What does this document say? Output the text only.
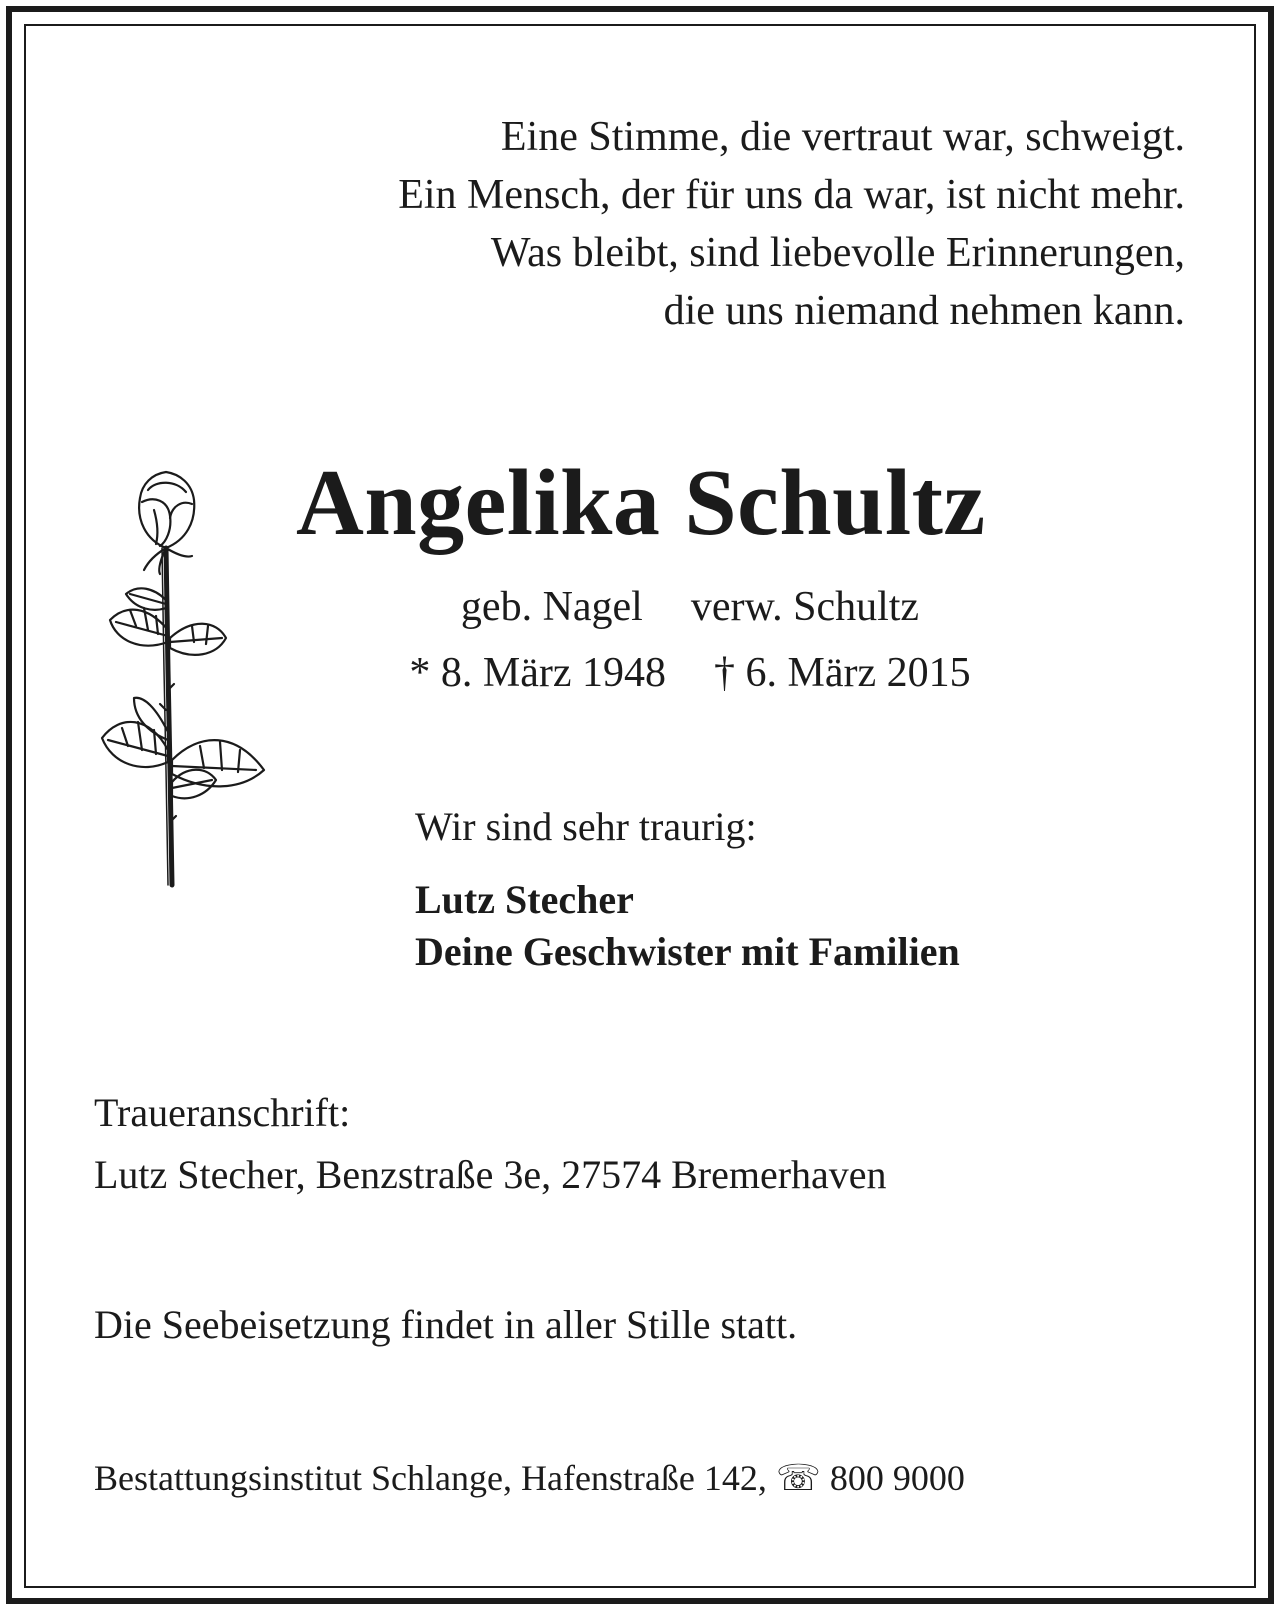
Eine Stimme, die vertraut war, schweigt.
Ein Mensch, der für uns da war, ist nicht mehr.
Was bleibt, sind liebevolle Erinnerungen,
die uns niemand nehmen kann.
Angelika Schultz
geb. Nagel verw. Schultz
* 8. März 1948 † 6. März 2015
Wir sind sehr traurig:
Lutz Stecher
Deine Geschwister mit Familien
Traueranschrift:
Lutz Stecher, Benzstraße 3e, 27574 Bremerhaven
Die Seebeisetzung findet in aller Stille statt.
Bestattungsinstitut Schlange, Hafenstraße 142, ☏ 800 9000
